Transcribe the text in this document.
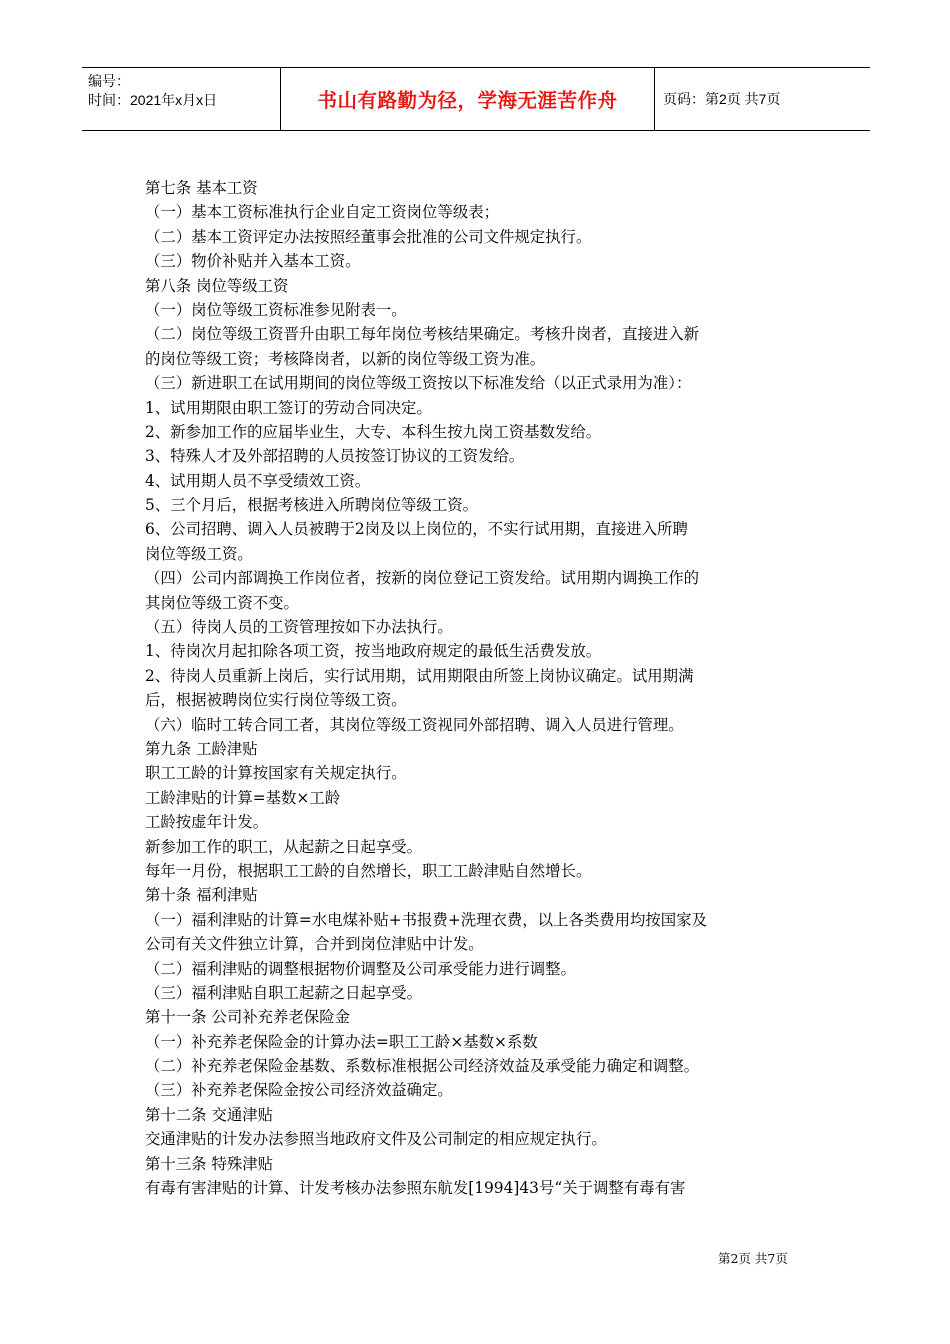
编号：
时间：2021年x月x日	书山有路勤为径，学海无涯苦作舟	页码：第2页 共7页
第七条 基本工资
（一）基本工资标准执行企业自定工资岗位等级表；
（二）基本工资评定办法按照经董事会批准的公司文件规定执行。
（三）物价补贴并入基本工资。
第八条 岗位等级工资
（一）岗位等级工资标准参见附表一。
（二）岗位等级工资晋升由职工每年岗位考核结果确定。考核升岗者，直接进入新
的岗位等级工资；考核降岗者，以新的岗位等级工资为准。
（三）新进职工在试用期间的岗位等级工资按以下标准发给（以正式录用为准）：
1、试用期限由职工签订的劳动合同决定。
2、新参加工作的应届毕业生，大专、本科生按九岗工资基数发给。
3、特殊人才及外部招聘的人员按签订协议的工资发给。
4、试用期人员不享受绩效工资。
5、三个月后，根据考核进入所聘岗位等级工资。
6、公司招聘、调入人员被聘于2岗及以上岗位的，不实行试用期，直接进入所聘
岗位等级工资。
（四）公司内部调换工作岗位者，按新的岗位登记工资发给。试用期内调换工作的
其岗位等级工资不变。
（五）待岗人员的工资管理按如下办法执行。
1、待岗次月起扣除各项工资，按当地政府规定的最低生活费发放。
2、待岗人员重新上岗后，实行试用期，试用期限由所签上岗协议确定。试用期满
后，根据被聘岗位实行岗位等级工资。
（六）临时工转合同工者，其岗位等级工资视同外部招聘、调入人员进行管理。
第九条 工龄津贴
职工工龄的计算按国家有关规定执行。
工龄津贴的计算=基数×工龄
工龄按虚年计发。
新参加工作的职工，从起薪之日起享受。
每年一月份，根据职工工龄的自然增长，职工工龄津贴自然增长。
第十条 福利津贴
（一）福利津贴的计算=水电煤补贴+书报费+洗理衣费，以上各类费用均按国家及
公司有关文件独立计算，合并到岗位津贴中计发。
（二）福利津贴的调整根据物价调整及公司承受能力进行调整。
（三）福利津贴自职工起薪之日起享受。
第十一条 公司补充养老保险金
（一）补充养老保险金的计算办法=职工工龄×基数×系数
（二）补充养老保险金基数、系数标准根据公司经济效益及承受能力确定和调整。
（三）补充养老保险金按公司经济效益确定。
第十二条 交通津贴
交通津贴的计发办法参照当地政府文件及公司制定的相应规定执行。
第十三条 特殊津贴
有毒有害津贴的计算、计发考核办法参照东航发[1994]43号“关于调整有毒有害
第2页 共7页
